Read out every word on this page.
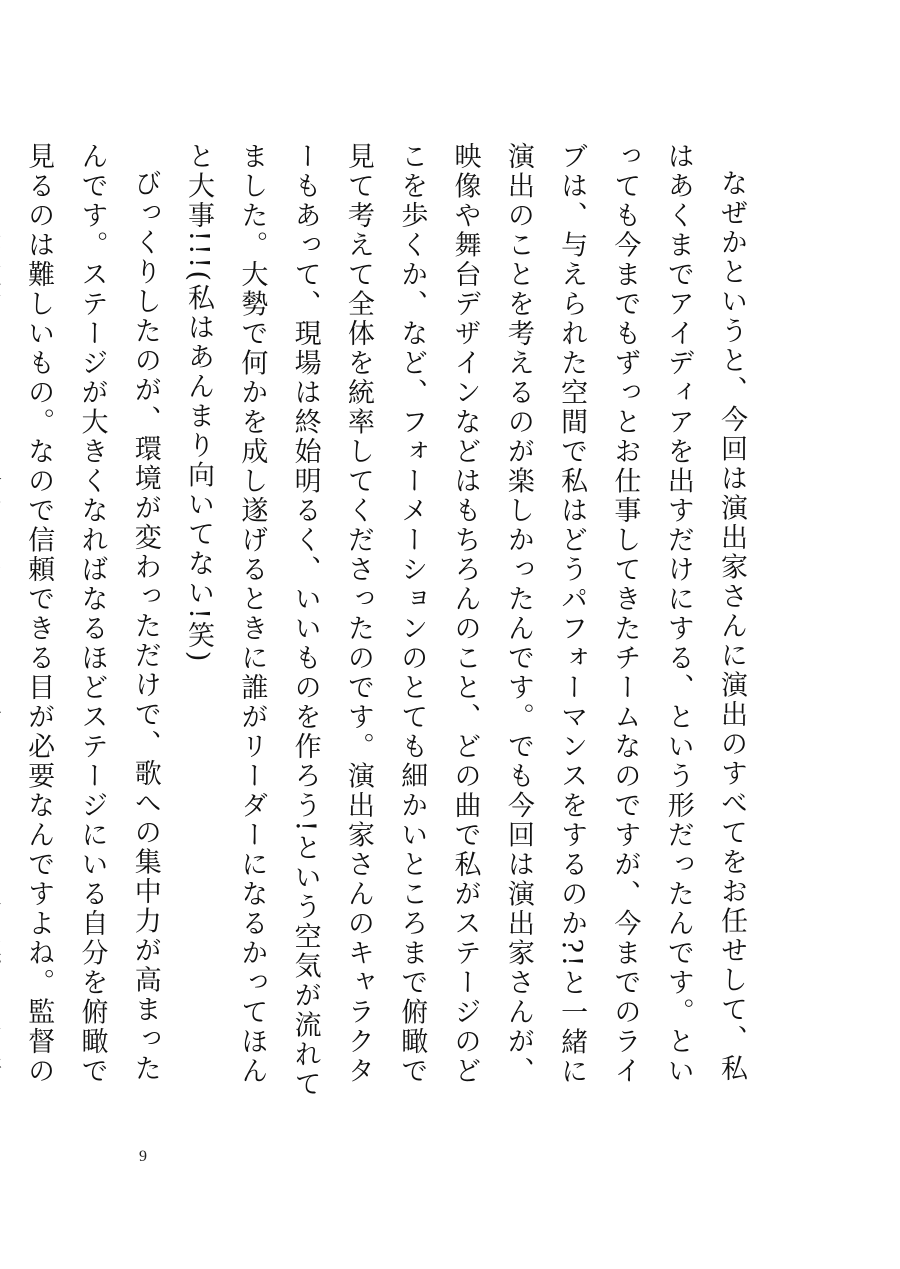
なぜかというと、今回は演出家さんに演出のすべてをお任せして、私はあくまでアイディアを出すだけにする、という形だったんです。といっても今までもずっとお仕事してきたチームなのですが、今までのライブは、与えられた空間で私はどうパフォーマンスをするのか?!と一緒に演出のことを考えるのが楽しかったんです。でも今回は演出家さんが、映像や舞台デザインなどはもちろんのこと、どの曲で私がステージのどこを歩くか、など、フォーメーションのとても細かいところまで俯瞰で見て考えて全体を統率してくださったのです。演出家さんのキャラクターもあって、現場は終始明るく、いいものを作ろう!という空気が流れてました。大勢で何かを成し遂げるときに誰がリーダーになるかってほんと大事!!!(私はあんまり向いてない!笑)

びっくりしたのが、環境が変わっただけで、歌への集中力が高まったんです。ステージが大きくなればなるほどステージにいる自分を俯瞰で見るのは難しいもの。なので信頼できる目が必要なんですよね。監督の

9
